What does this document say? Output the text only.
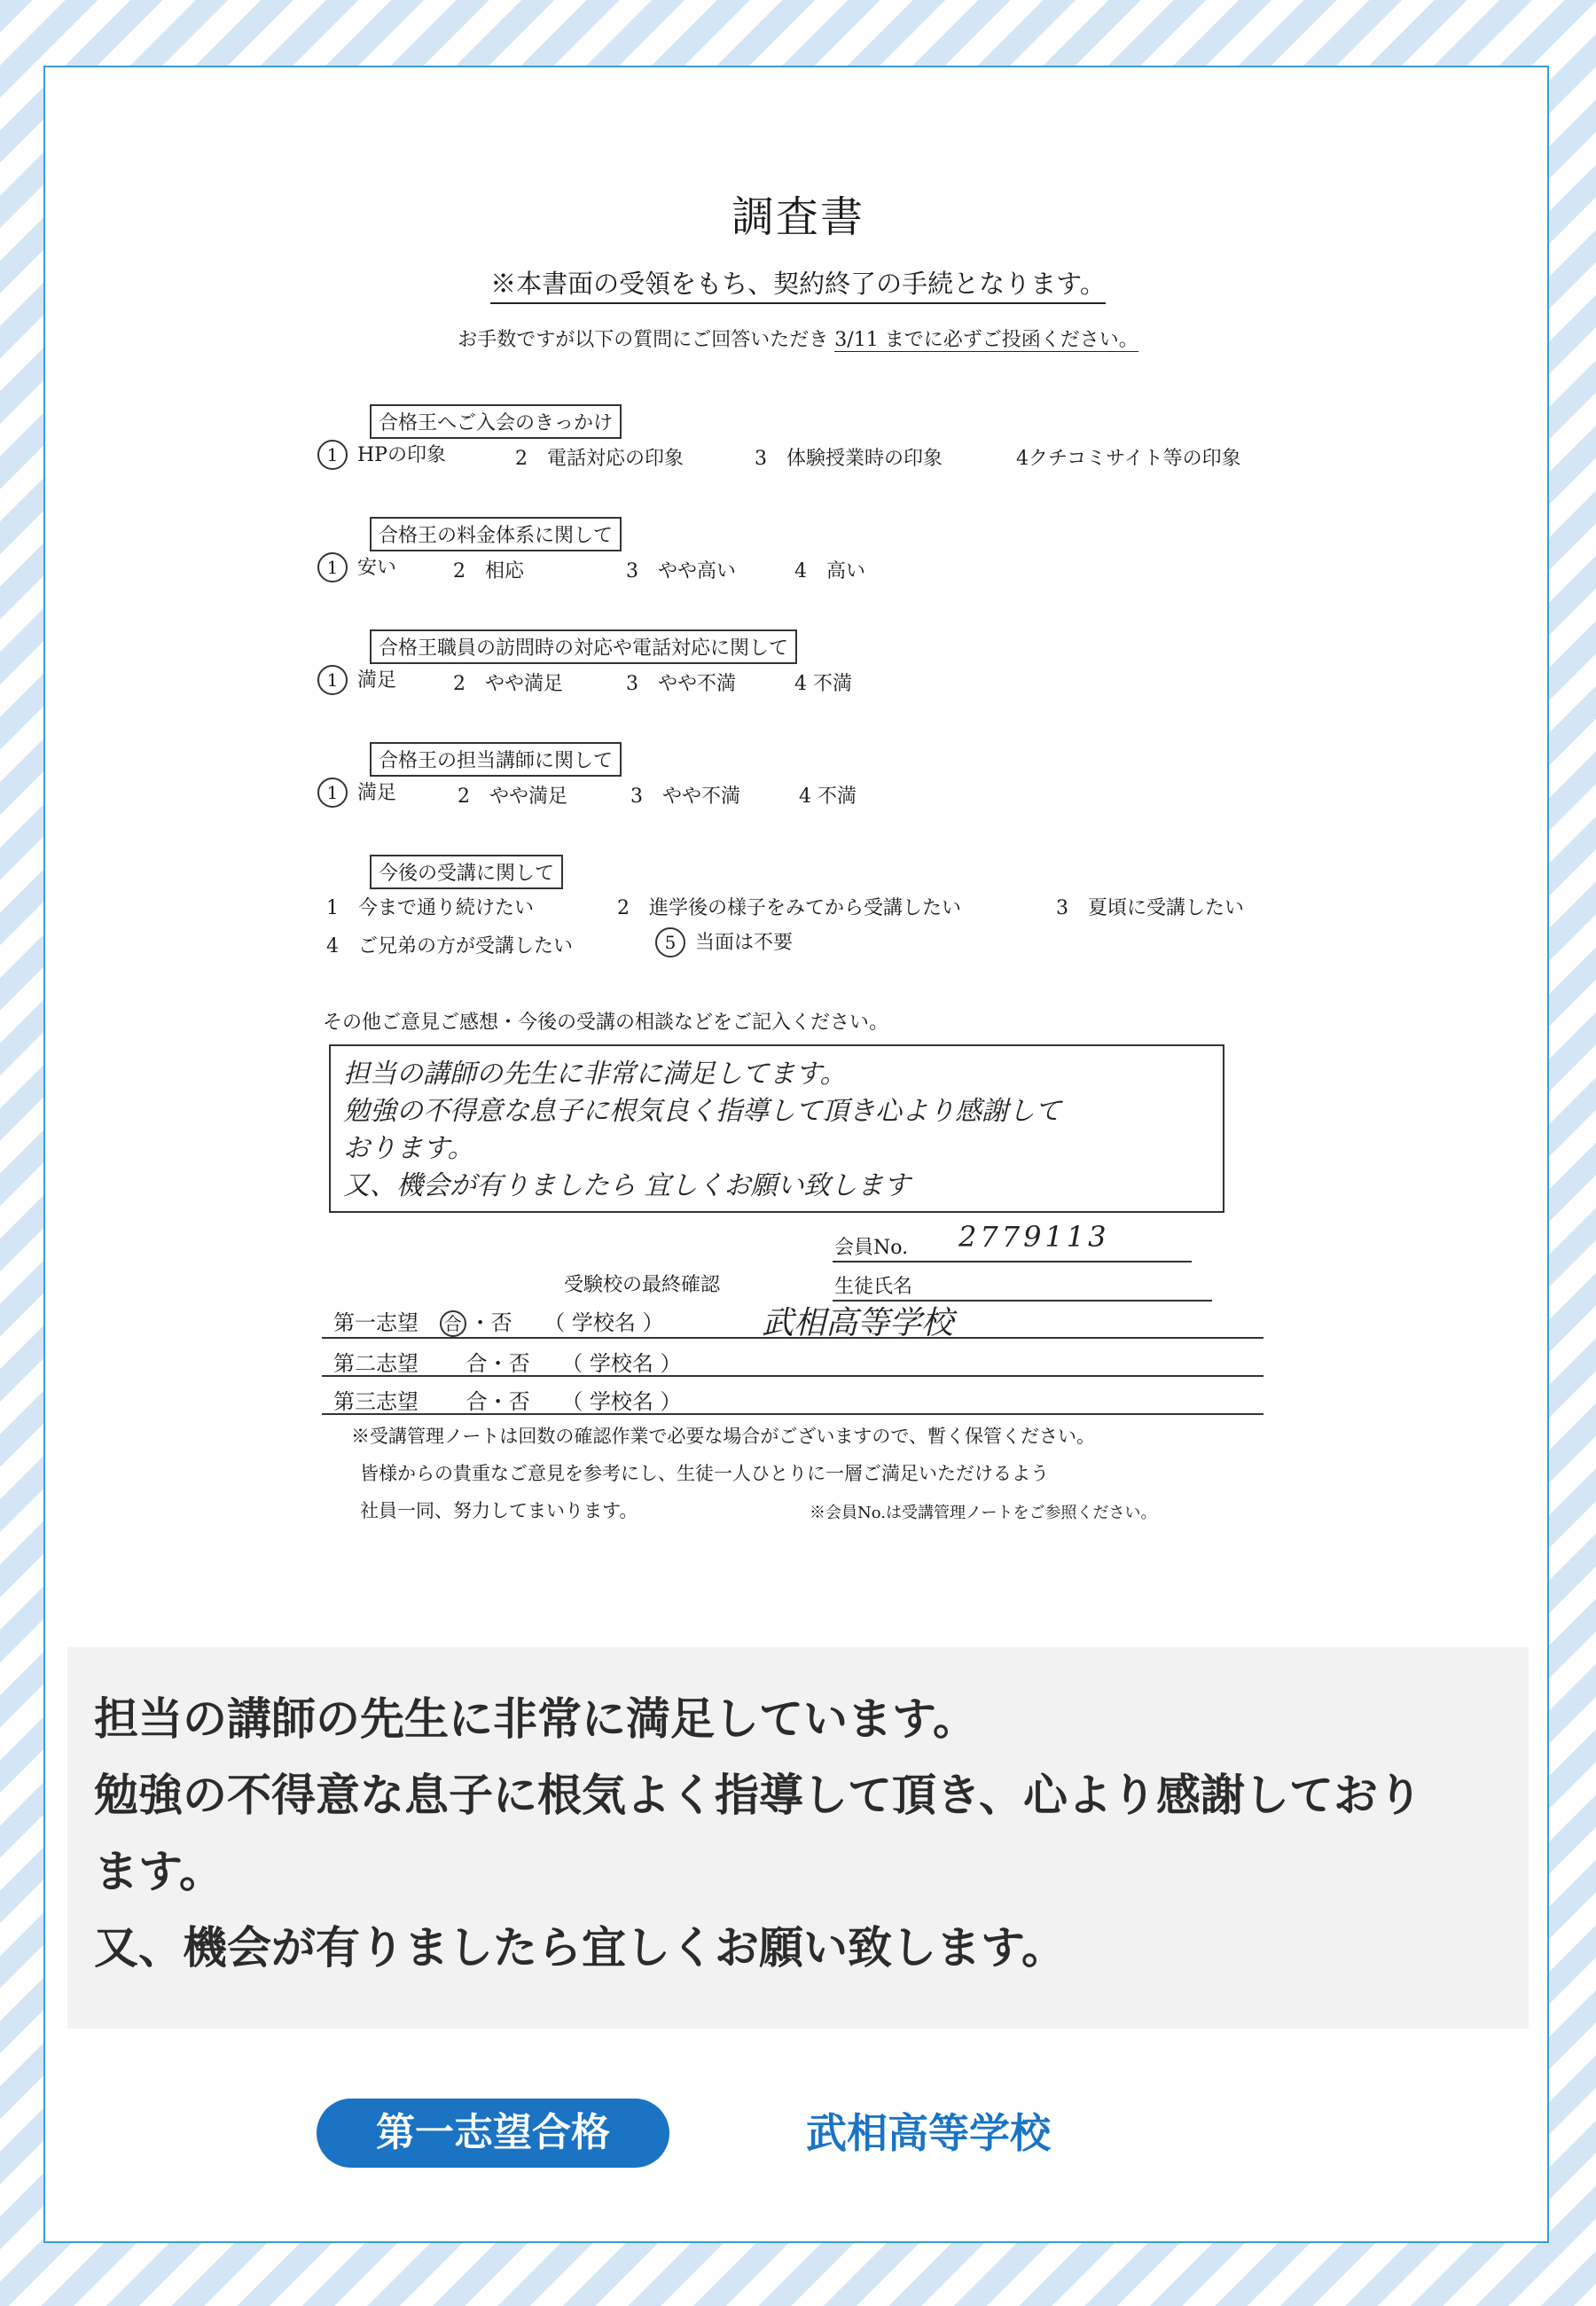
調査書
※本書面の受領をもち、契約終了の手続となります。
お手数ですが以下の質問にご回答いただき 3/11 までに必ずご投函ください。
合格王へご入会のきっかけ
1 HPの印象	2　電話対応の印象	3　体験授業時の印象	4クチコミサイト等の印象
合格王の料金体系に関して
1 安い	2　相応	3　やや高い	4　高い
合格王職員の訪問時の対応や電話対応に関して
1 満足	2　やや満足	3　やや不満	4 不満
合格王の担当講師に関して
1 満足	2　やや満足	3　やや不満	4 不満
今後の受講に関して
1　今まで通り続けたい	2　進学後の様子をみてから受講したい	3　夏頃に受講したい
4　ご兄弟の方が受講したい	5 当面は不要
その他ご意見ご感想・今後の受講の相談などをご記入ください。
担当の講師の先生に非常に満足してます。
勉強の不得意な息子に根気良く指導して頂き心より感謝して
おります。
又、機会が有りましたら 宜しくお願い致します
会員No. 2779113
受験校の最終確認	生徒氏名
第一志望 合 ・否 （ 学校名 ）	武相高等学校
第二志望 合・否 （ 学校名 ）
第三志望 合・否 （ 学校名 ）
※受講管理ノートは回数の確認作業で必要な場合がございますので、暫く保管ください。
皆様からの貴重なご意見を参考にし、生徒一人ひとりに一層ご満足いただけるよう
社員一同、努力してまいります。	※会員No.は受講管理ノートをご参照ください。

担当の講師の先生に非常に満足しています。

勉強の不得意な息子に根気よく指導して頂き、心より感謝しており

ます。

又、機会が有りましたら宜しくお願い致します。

第一志望合格	武相高等学校
